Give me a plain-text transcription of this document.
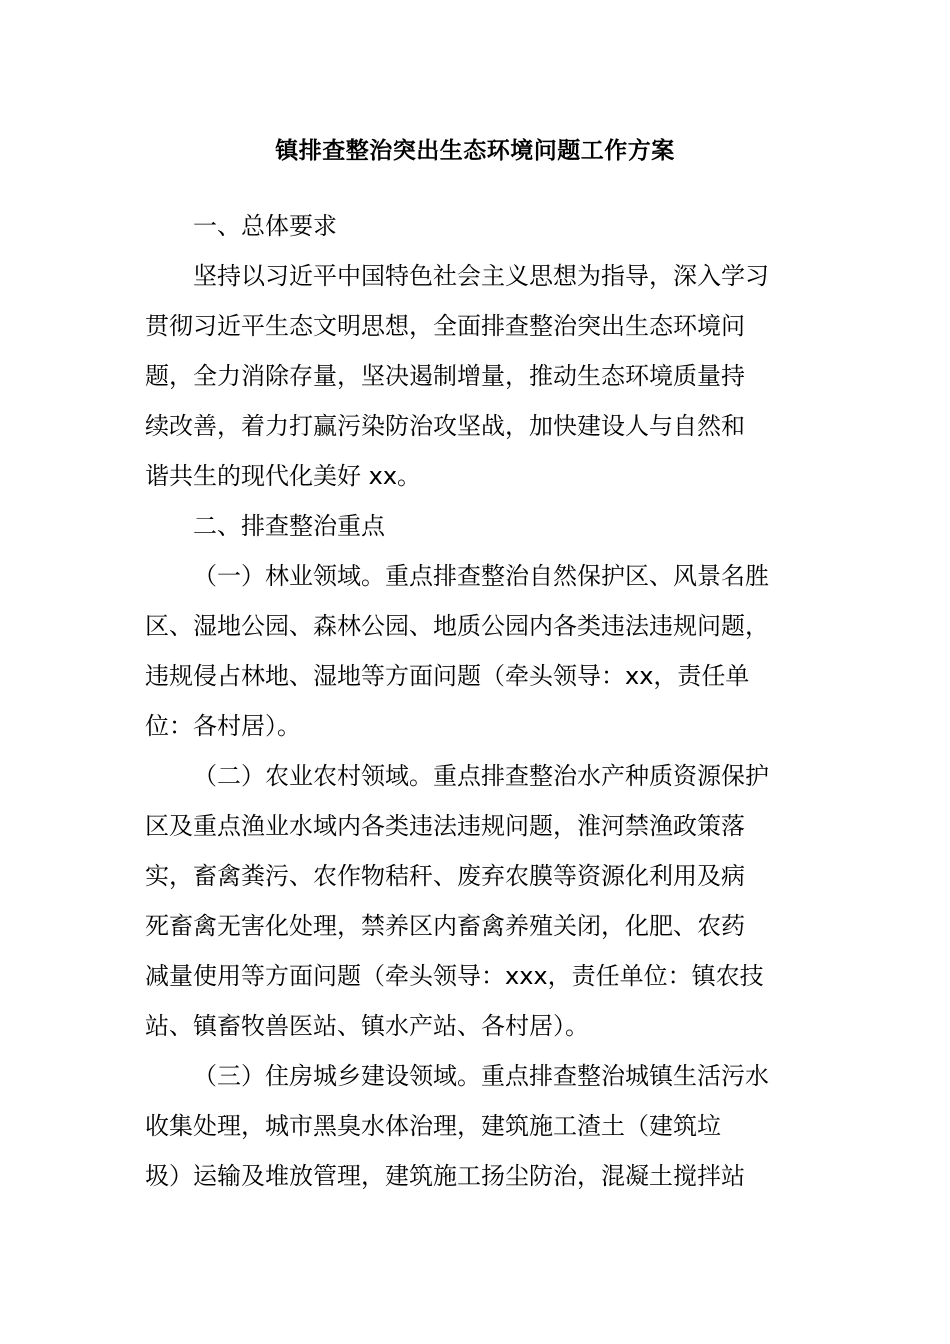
镇排查整治突出生态环境问题工作方案
一、总体要求
坚持以习近平中国特色社会主义思想为指导，深入学习
贯彻习近平生态文明思想，全面排查整治突出生态环境问
题，全力消除存量，坚决遏制增量，推动生态环境质量持
续改善，着力打赢污染防治攻坚战，加快建设人与自然和
谐共生的现代化美好 xx。
二、排查整治重点
（一）林业领域。重点排查整治自然保护区、风景名胜
区、湿地公园、森林公园、地质公园内各类违法违规问题，
违规侵占林地、湿地等方面问题（牵头领导：xx，责任单
位：各村居）。
（二）农业农村领域。重点排查整治水产种质资源保护
区及重点渔业水域内各类违法违规问题，淮河禁渔政策落
实，畜禽粪污、农作物秸秆、废弃农膜等资源化利用及病
死畜禽无害化处理，禁养区内畜禽养殖关闭，化肥、农药
减量使用等方面问题（牵头领导：xxx，责任单位：镇农技
站、镇畜牧兽医站、镇水产站、各村居）。
（三）住房城乡建设领域。重点排查整治城镇生活污水
收集处理，城市黑臭水体治理，建筑施工渣土（建筑垃
圾）运输及堆放管理，建筑施工扬尘防治，混凝土搅拌站
